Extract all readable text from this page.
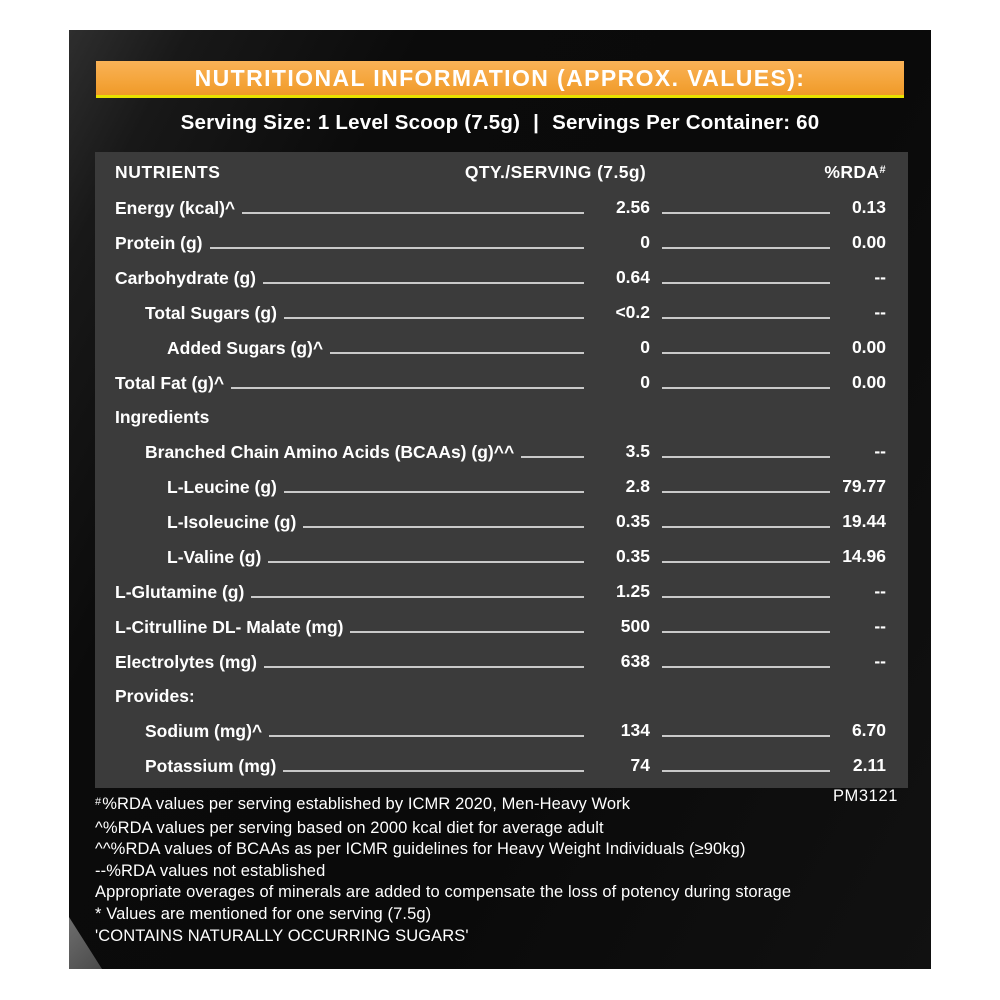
NUTRITIONAL INFORMATION (APPROX. VALUES):
Serving Size: 1 Level Scoop (7.5g) | Servings Per Container: 60
NUTRIENTS	QTY./SERVING (7.5g)	%RDA#
Energy (kcal)^	2.56	0.13
Protein (g)	0	0.00
Carbohydrate (g)	0.64	--
Total Sugars (g)	<0.2	--
Added Sugars (g)^	0	0.00
Total Fat (g)^	0	0.00
Ingredients
Branched Chain Amino Acids (BCAAs) (g)^^	3.5	--
L-Leucine (g)	2.8	79.77
L-Isoleucine (g)	0.35	19.44
L-Valine (g)	0.35	14.96
L-Glutamine (g)	1.25	--
L-Citrulline DL- Malate (mg)	500	--
Electrolytes (mg)	638	--
Provides:
Sodium (mg)^	134	6.70
Potassium (mg)	74	2.11
PM3121
#%RDA values per serving established by ICMR 2020, Men-Heavy Work
^%RDA values per serving based on 2000 kcal diet for average adult
^^%RDA values of BCAAs as per ICMR guidelines for Heavy Weight Individuals (≥90kg)
--%RDA values not established
Appropriate overages of minerals are added to compensate the loss of potency during storage
* Values are mentioned for one serving (7.5g)
'CONTAINS NATURALLY OCCURRING SUGARS'
